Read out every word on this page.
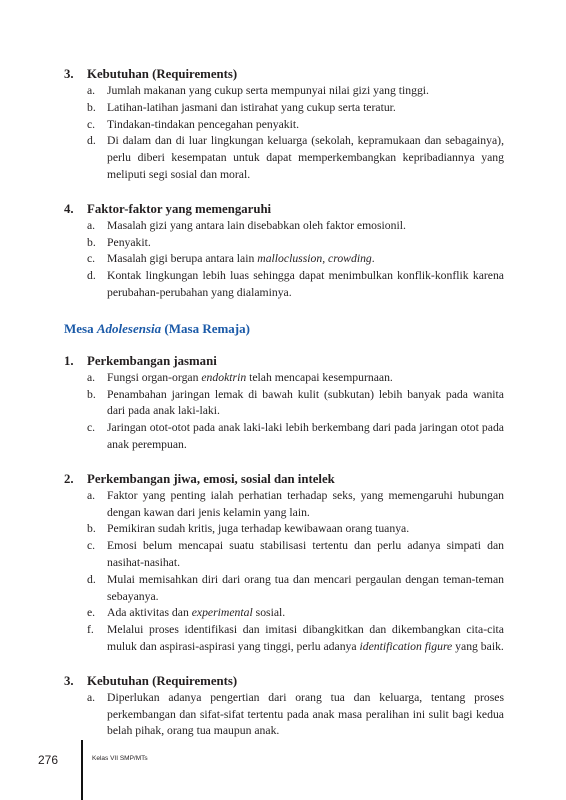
3.	Kebutuhan (Requirements)
a.	Jumlah makanan yang cukup serta mempunyai nilai gizi yang tinggi.
b. Latihan-latihan jasmani dan istirahat yang cukup serta teratur.
c.	Tindakan-tindakan pencegahan penyakit.
d. Di dalam dan di luar lingkungan keluarga (sekolah, kepramukaan dan sebagainya), perlu diberi kesempatan untuk dapat memperkembangkan kepribadiannya yang meliputi segi sosial dan moral.
4.	Faktor-faktor yang memengaruhi
a.	Masalah gizi yang antara lain disebabkan oleh faktor emosionil.
b. Penyakit.
c.	Masalah gigi berupa antara lain malloclussion, crowding.
d. Kontak lingkungan lebih luas sehingga dapat menimbulkan konflik-konflik karena perubahan-perubahan yang dialaminya.
Mesa Adolesensia (Masa Remaja)
1.	Perkembangan jasmani
a.	Fungsi organ-organ endoktrin telah mencapai kesempurnaan.
b. Penambahan jaringan lemak di bawah kulit (subkutan) lebih banyak pada wanita dari pada anak laki-laki.
c.	Jaringan otot-otot pada anak laki-laki lebih berkembang dari pada jaringan otot pada anak perempuan.
2.	Perkembangan jiwa, emosi, sosial dan intelek
a.	Faktor yang penting ialah perhatian terhadap seks, yang memengaruhi hubungan dengan kawan dari jenis kelamin yang lain.
b. Pemikiran sudah kritis, juga terhadap kewibawaan orang tuanya.
c.	Emosi belum mencapai suatu stabilisasi tertentu dan perlu adanya simpati dan nasihat-nasihat.
d. Mulai memisahkan diri dari orang tua dan mencari pergaulan dengan teman-teman sebayanya.
e.	Ada aktivitas dan experimental sosial.
f.	Melalui proses identifikasi dan imitasi dibangkitkan dan dikembangkan cita-cita muluk dan aspirasi-aspirasi yang tinggi, perlu adanya identification figure yang baik.
3.	Kebutuhan (Requirements)
a.	Diperlukan adanya pengertian dari orang tua dan keluarga, tentang proses perkembangan dan sifat-sifat tertentu pada anak masa peralihan ini sulit bagi kedua belah pihak, orang tua maupun anak.
276	Kelas VII SMP/MTs
